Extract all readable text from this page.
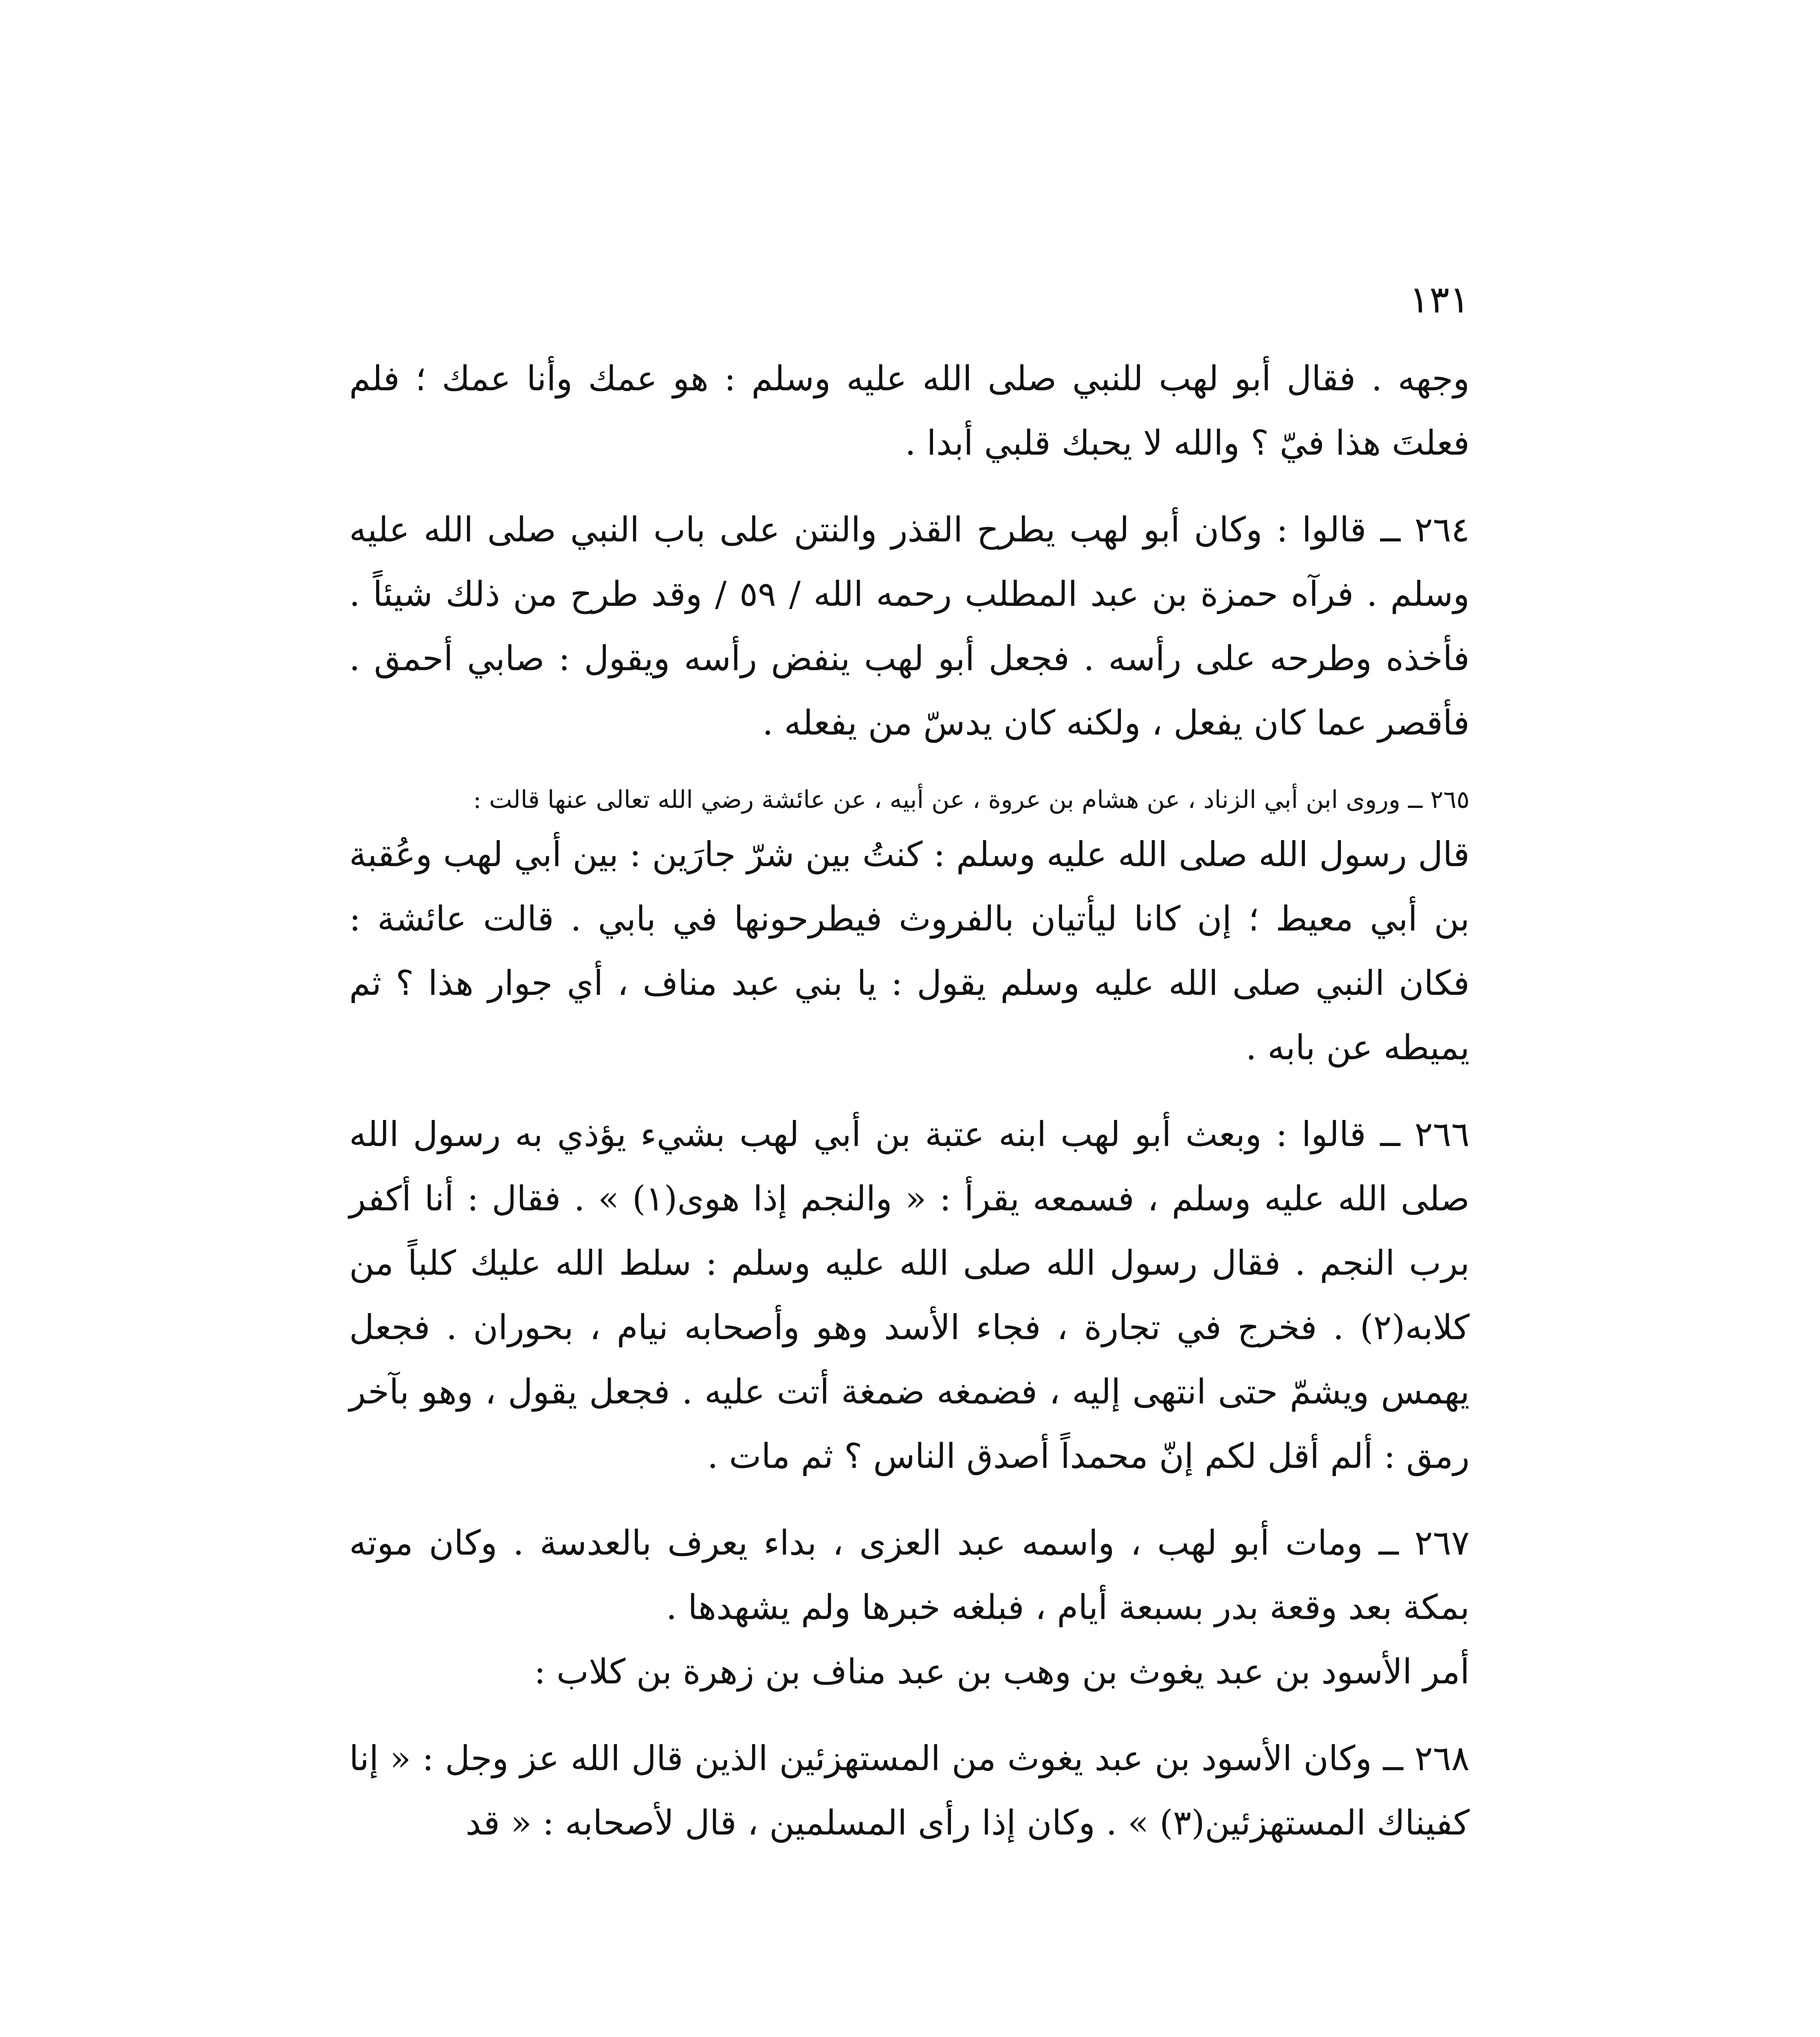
١٣١

وجهه . فقال أبو لهب للنبي صلى الله عليه وسلم : هو عمك وأنا عمك ؛ فلم فعلتَ هذا فيّ ؟ والله لا يحبك قلبي أبدا .

٢٦٤ ــ قالوا : وكان أبو لهب يطرح القذر والنتن على باب النبي صلى الله عليه وسلم . فرآه حمزة بن عبد المطلب رحمه الله / ٥٩ / وقد طرح من ذلك شيئاً . فأخذه وطرحه على رأسه . فجعل أبو لهب ينفض رأسه ويقول : صابي أحمق . فأقصر عما كان يفعل ، ولكنه كان يدسّ من يفعله .

٢٦٥ ــ وروى ابن أبي الزناد ، عن هشام بن عروة ، عن أبيه ، عن عائشة رضي الله تعالى عنها قالت :

قال رسول الله صلى الله عليه وسلم : كنتُ بين شرّ جارَين : بين أبي لهب وعُقبة بن أبي معيط ؛ إن كانا ليأتيان بالفروث فيطرحونها في بابي . قالت عائشة : فكان النبي صلى الله عليه وسلم يقول : يا بني عبد مناف ، أي جوار هذا ؟ ثم يميطه عن بابه .

٢٦٦ ــ قالوا : وبعث أبو لهب ابنه عتبة بن أبي لهب بشيء يؤذي به رسول الله صلى الله عليه وسلم ، فسمعه يقرأ : « والنجم إذا هوى(١) » . فقال : أنا أكفر برب النجم . فقال رسول الله صلى الله عليه وسلم : سلط الله عليك كلباً من كلابه(٢) . فخرج في تجارة ، فجاء الأسد وهو وأصحابه نيام ، بحوران . فجعل يهمس ويشمّ حتى انتهى إليه ، فضمغه ضمغة أتت عليه . فجعل يقول ، وهو بآخر رمق : ألم أقل لكم إنّ محمداً أصدق الناس ؟ ثم مات .

٢٦٧ ــ ومات أبو لهب ، واسمه عبد العزى ، بداء يعرف بالعدسة . وكان موته بمكة بعد وقعة بدر بسبعة أيام ، فبلغه خبرها ولم يشهدها .

أمر الأسود بن عبد يغوث بن وهب بن عبد مناف بن زهرة بن كلاب :

٢٦٨ ــ وكان الأسود بن عبد يغوث من المستهزئين الذين قال الله عز وجل : « إنا كفيناك المستهزئين(٣) » . وكان إذا رأى المسلمين ، قال لأصحابه : « قد
